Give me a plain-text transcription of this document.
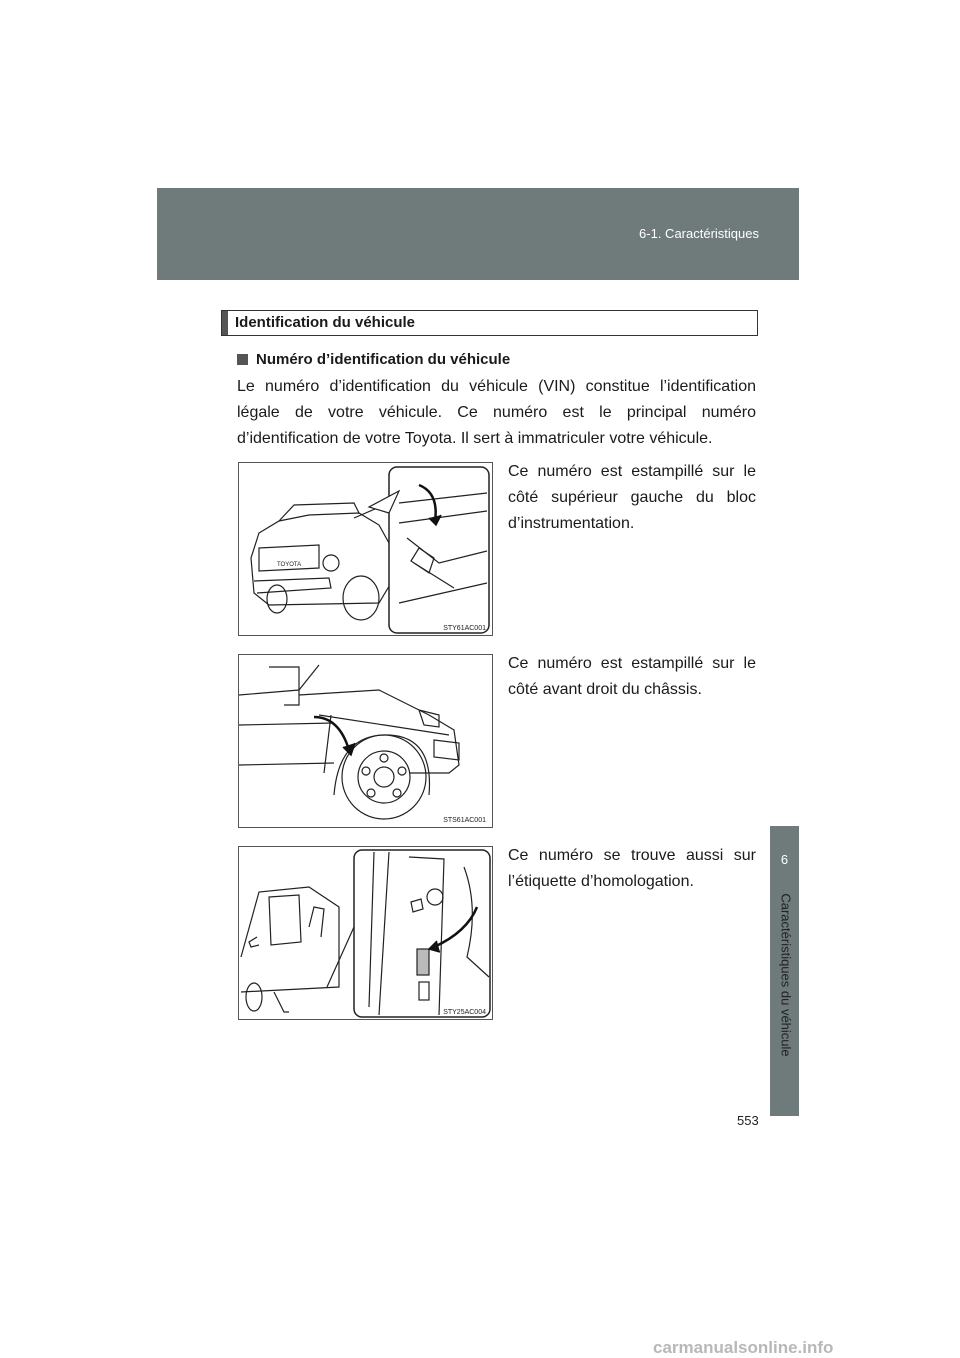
6-1. Caractéristiques
6
Caractéristiques du véhicule
Identification du véhicule
Numéro d’identification du véhicule
Le numéro d’identification du véhicule (VIN) constitue l’identification légale de votre véhicule. Ce numéro est le principal numéro d’identification de votre Toyota. Il sert à immatriculer votre véhicule.
TOYOTA
STY61AC001
Ce numéro est estampillé sur le côté supérieur gauche du bloc d’instrumentation.
STS61AC001
Ce numéro est estampillé sur le côté avant droit du châssis.
STY25AC004
Ce numéro se trouve aussi sur l’étiquette d’homologation.
553
carmanualsonline.info
